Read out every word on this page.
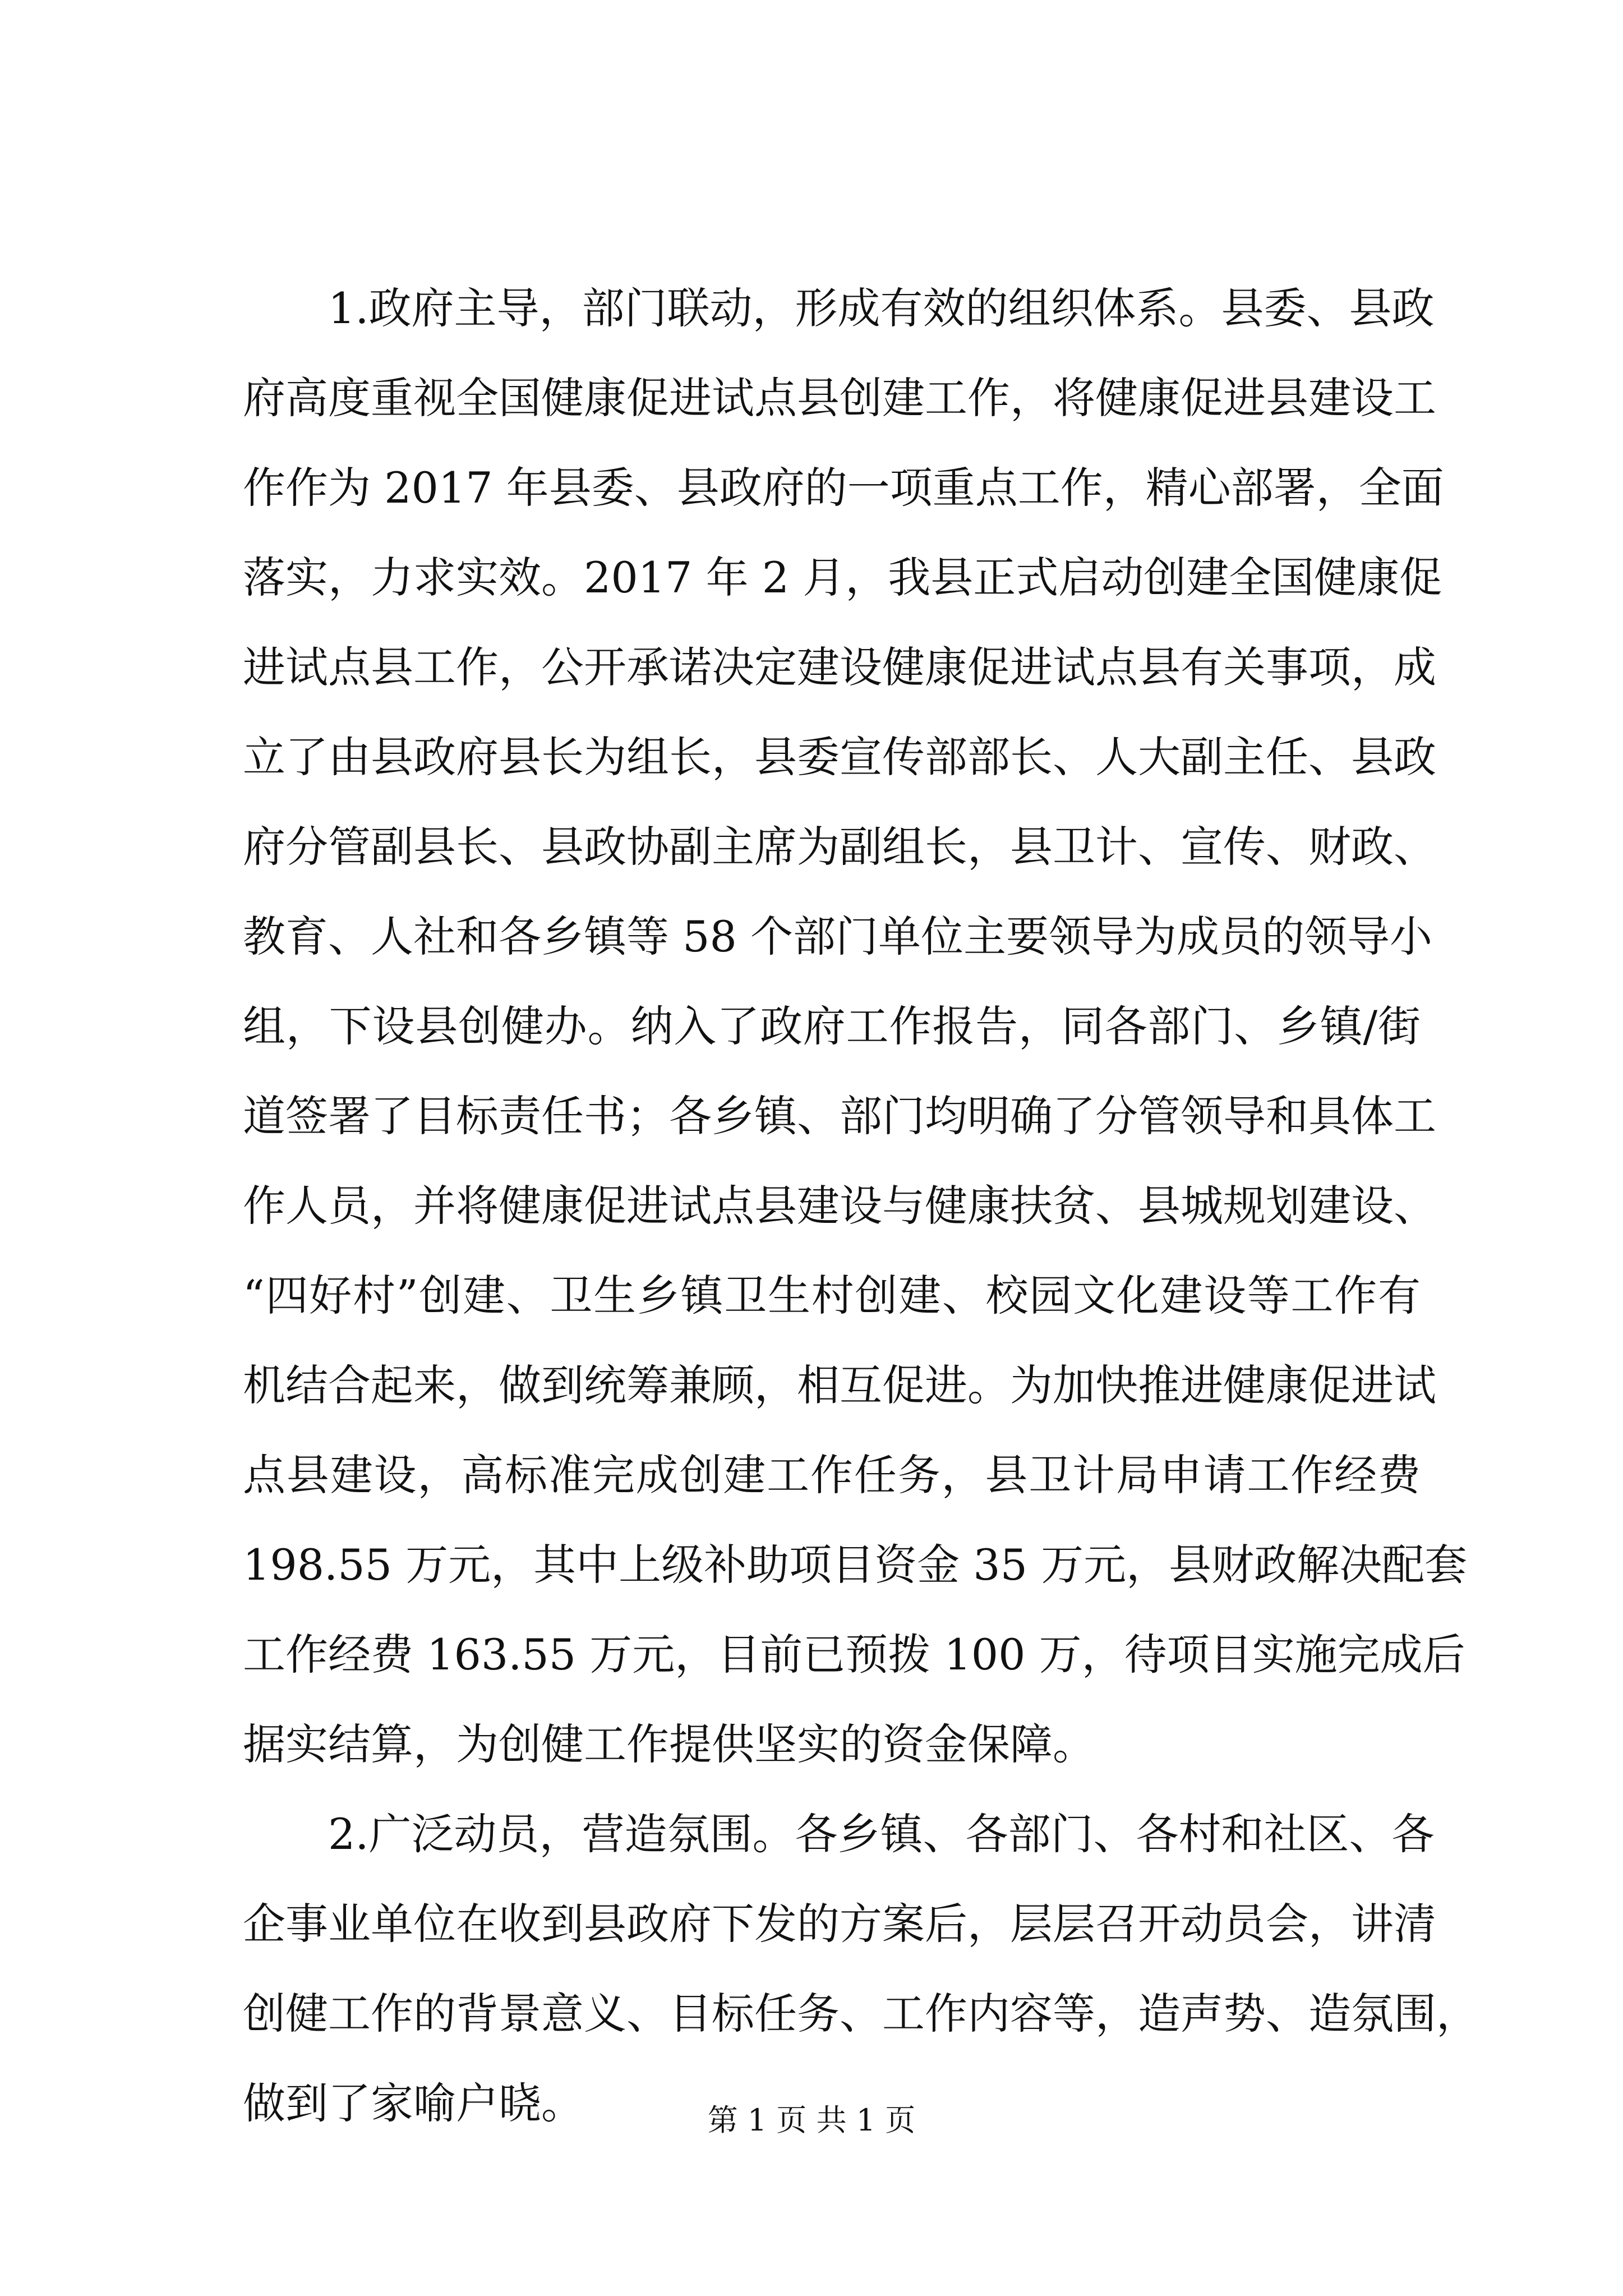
1.政府主导，部门联动，形成有效的组织体系。县委、县政
府高度重视全国健康促进试点县创建工作，将健康促进县建设工
作作为 2017 年县委、县政府的一项重点工作，精心部署，全面
落实，力求实效。2017 年 2 月，我县正式启动创建全国健康促
进试点县工作，公开承诺决定建设健康促进试点县有关事项，成
立了由县政府县长为组长，县委宣传部部长、人大副主任、县政
府分管副县长、县政协副主席为副组长，县卫计、宣传、财政、
教育、人社和各乡镇等 58 个部门单位主要领导为成员的领导小
组，下设县创健办。纳入了政府工作报告，同各部门、乡镇/街
道签署了目标责任书；各乡镇、部门均明确了分管领导和具体工
作人员，并将健康促进试点县建设与健康扶贫、县城规划建设、
“四好村”创建、卫生乡镇卫生村创建、校园文化建设等工作有
机结合起来，做到统筹兼顾，相互促进。为加快推进健康促进试
点县建设，高标准完成创建工作任务，县卫计局申请工作经费
198.55 万元，其中上级补助项目资金 35 万元，县财政解决配套
工作经费 163.55 万元，目前已预拨 100 万，待项目实施完成后
据实结算，为创健工作提供坚实的资金保障。
2.广泛动员，营造氛围。各乡镇、各部门、各村和社区、各
企事业单位在收到县政府下发的方案后，层层召开动员会，讲清
创健工作的背景意义、目标任务、工作内容等，造声势、造氛围，
做到了家喻户晓。	第 1 页 共 1 页
